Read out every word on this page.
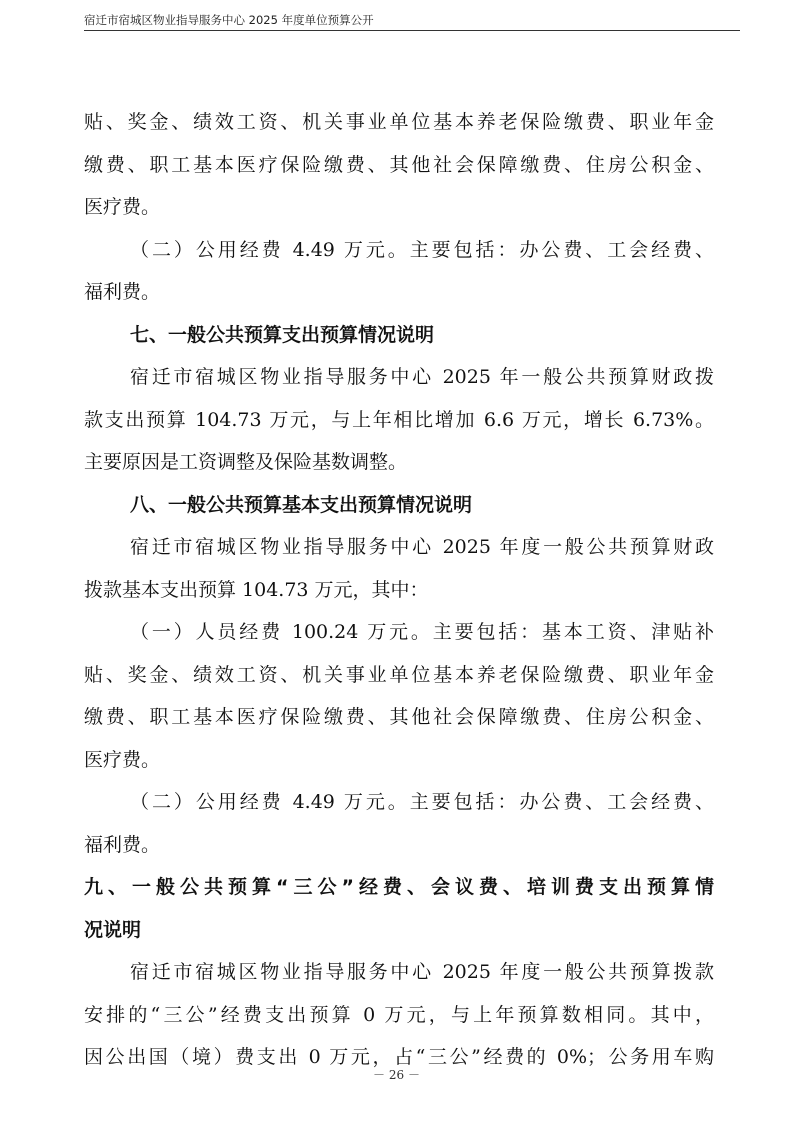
宿迁市宿城区物业指导服务中心 2025 年度单位预算公开
贴、奖金、绩效工资、机关事业单位基本养老保险缴费、职业年金
缴费、职工基本医疗保险缴费、其他社会保障缴费、住房公积金、
医疗费。
（二）公用经费 4.49 万元。主要包括：办公费、工会经费、
福利费。
七、一般公共预算支出预算情况说明
宿迁市宿城区物业指导服务中心 2025 年一般公共预算财政拨
款支出预算 104.73 万元，与上年相比增加 6.6 万元，增长 6.73%。
主要原因是工资调整及保险基数调整。
八、一般公共预算基本支出预算情况说明
宿迁市宿城区物业指导服务中心 2025 年度一般公共预算财政
拨款基本支出预算 104.73 万元，其中：
（一）人员经费 100.24 万元。主要包括：基本工资、津贴补
贴、奖金、绩效工资、机关事业单位基本养老保险缴费、职业年金
缴费、职工基本医疗保险缴费、其他社会保障缴费、住房公积金、
医疗费。
（二）公用经费 4.49 万元。主要包括：办公费、工会经费、
福利费。
九、一般公共预算“三公”经费、会议费、培训费支出预算情
况说明
宿迁市宿城区物业指导服务中心 2025 年度一般公共预算拨款
安排的“三公”经费支出预算 0 万元，与上年预算数相同。其中，
因公出国（境）费支出 0 万元，占“三公”经费的 0%；公务用车购
－ 26 －
